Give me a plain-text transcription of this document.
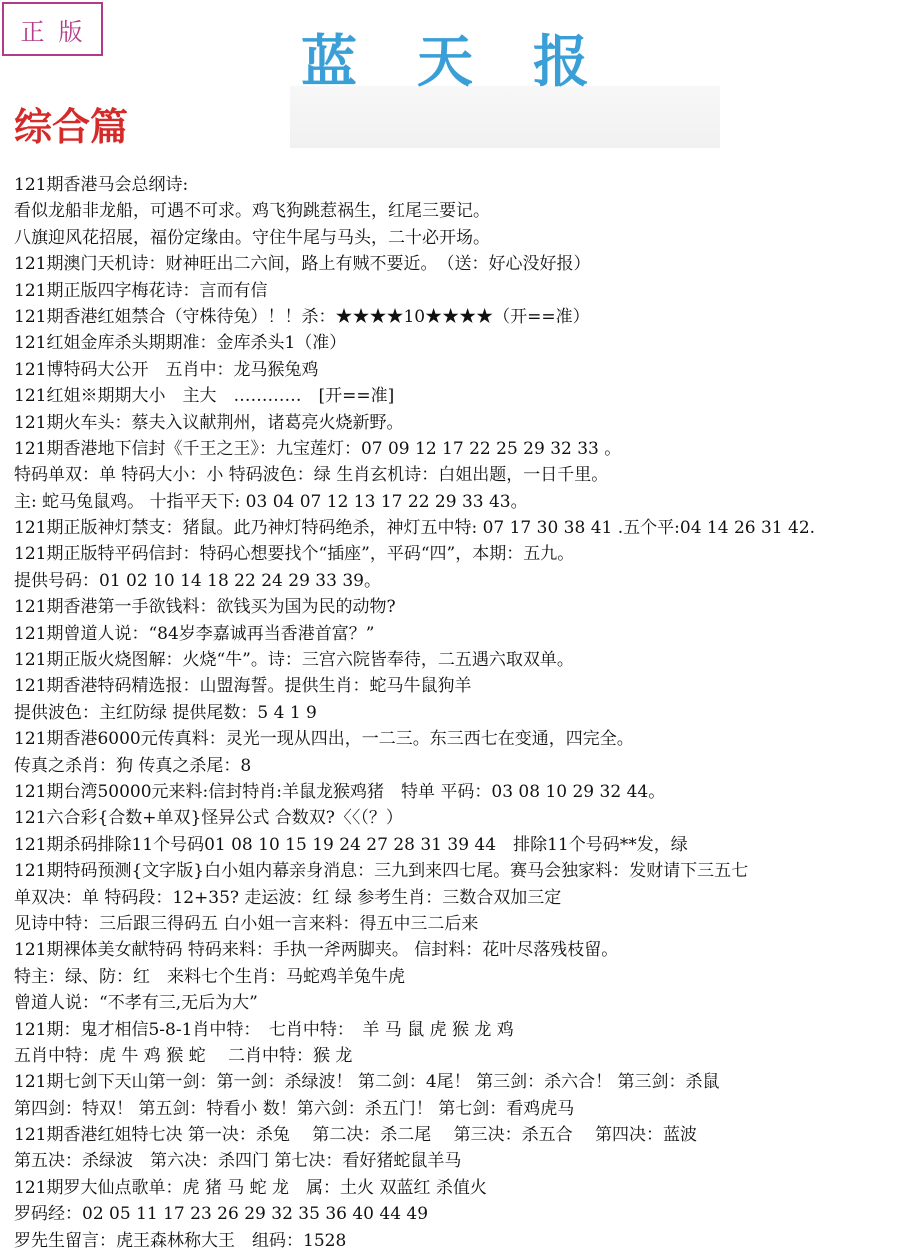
正版	蓝天报
综合篇
121期香港马会总纲诗:
看似龙船非龙船，可遇不可求。鸡飞狗跳惹祸生，红尾三要记。
八旗迎风花招展，福份定缘由。守住牛尾与马头，二十必开场。
121期澳门天机诗：财神旺出二六间，路上有贼不要近。　（送：好心没好报）
121期正版四字梅花诗：言而有信
121期香港红姐禁合（守株待兔）！！杀：★★★★10★★★★（开==准）
121红姐金库杀头期期准：金库杀头1（准）
121博特码大公开　五肖中：龙马猴兔鸡
121红姐※期期大小　主大　…………　[开==准]
121期火车头：蔡夫入议献荆州，诸葛亮火烧新野。
121期香港地下信封《千王之王》：九宝莲灯：07 09 12 17 22 25 29 32 33 。
特码单双：单 特码大小：小 特码波色：绿 生肖玄机诗：白姐出题，一日千里。
主: 蛇马兔鼠鸡。 十指平天下: 03 04 07 12 13 17 22 29 33 43。
121期正版神灯禁支：猪鼠。此乃神灯特码绝杀，神灯五中特: 07 17 30 38 41 .五个平:04 14 26 31 42.
121期正版特平码信封：特码心想要找个“插座”，平码“四”，本期：五九。
提供号码：01 02 10 14 18 22 24 29 33 39。
121期香港第一手欲钱料：欲钱买为国为民的动物?
121期曾道人说：“84岁李嘉诚再当香港首富？”
121期正版火烧图解：火烧“牛”。诗：三宫六院皆奉待，二五遇六取双单。
121期香港特码精选报：山盟海誓。提供生肖：蛇马牛鼠狗羊
提供波色：主红防绿 提供尾数：5 4 1 9
121期香港6000元传真料：灵光一现从四出，一二三。东三西七在变通，四完全。
传真之杀肖：狗 传真之杀尾：8
121期台湾50000元来料:信封特肖:羊鼠龙猴鸡猪　特单 平码：03 08 10 29 32 44。
121六合彩{合数+单双}怪异公式 合数双?〈〈（？）
121期杀码排除11个号码01 08 10 15 19 24 27 28 31 39 44　排除11个号码**发，绿
121期特码预测{文字版}白小姐内幕亲身消息：三九到来四七尾。赛马会独家料：发财请下三五七
单双决：单 特码段：12+35? 走运波：红 绿 参考生肖：三数合双加三定
见诗中特：三后跟三得码五 白小姐一言来料：得五中三二后来
121期裸体美女献特码 特码来料：手执一斧两脚夹。 信封料：花叶尽落残枝留。
特主：绿、防：红　来料七个生肖：马蛇鸡羊兔牛虎
曾道人说：“不孝有三,无后为大”
121期：鬼才相信5-8-1肖中特：　七肖中特：　羊 马 鼠 虎 猴 龙 鸡
五肖中特：虎 牛 鸡 猴 蛇　 二肖中特：猴 龙
121期七剑下天山第一剑：第一剑：杀绿波！ 第二剑：4尾！ 第三剑：杀六合！ 第三剑：杀鼠
第四剑：特双！ 第五剑：特看小 数！第六剑：杀五门！ 第七剑：看鸡虎马
121期香港红姐特七决 第一决：杀兔　 第二决：杀二尾　 第三决：杀五合　 第四决：蓝波
第五决：杀绿波　第六决：杀四门 第七决：看好猪蛇鼠羊马
121期罗大仙点歌单：虎 猪 马 蛇 龙　属：土火 双蓝红 杀值火
罗码经：02 05 11 17 23 26 29 32 35 36 40 44 49
罗先生留言：虎王森林称大王　组码：1528
